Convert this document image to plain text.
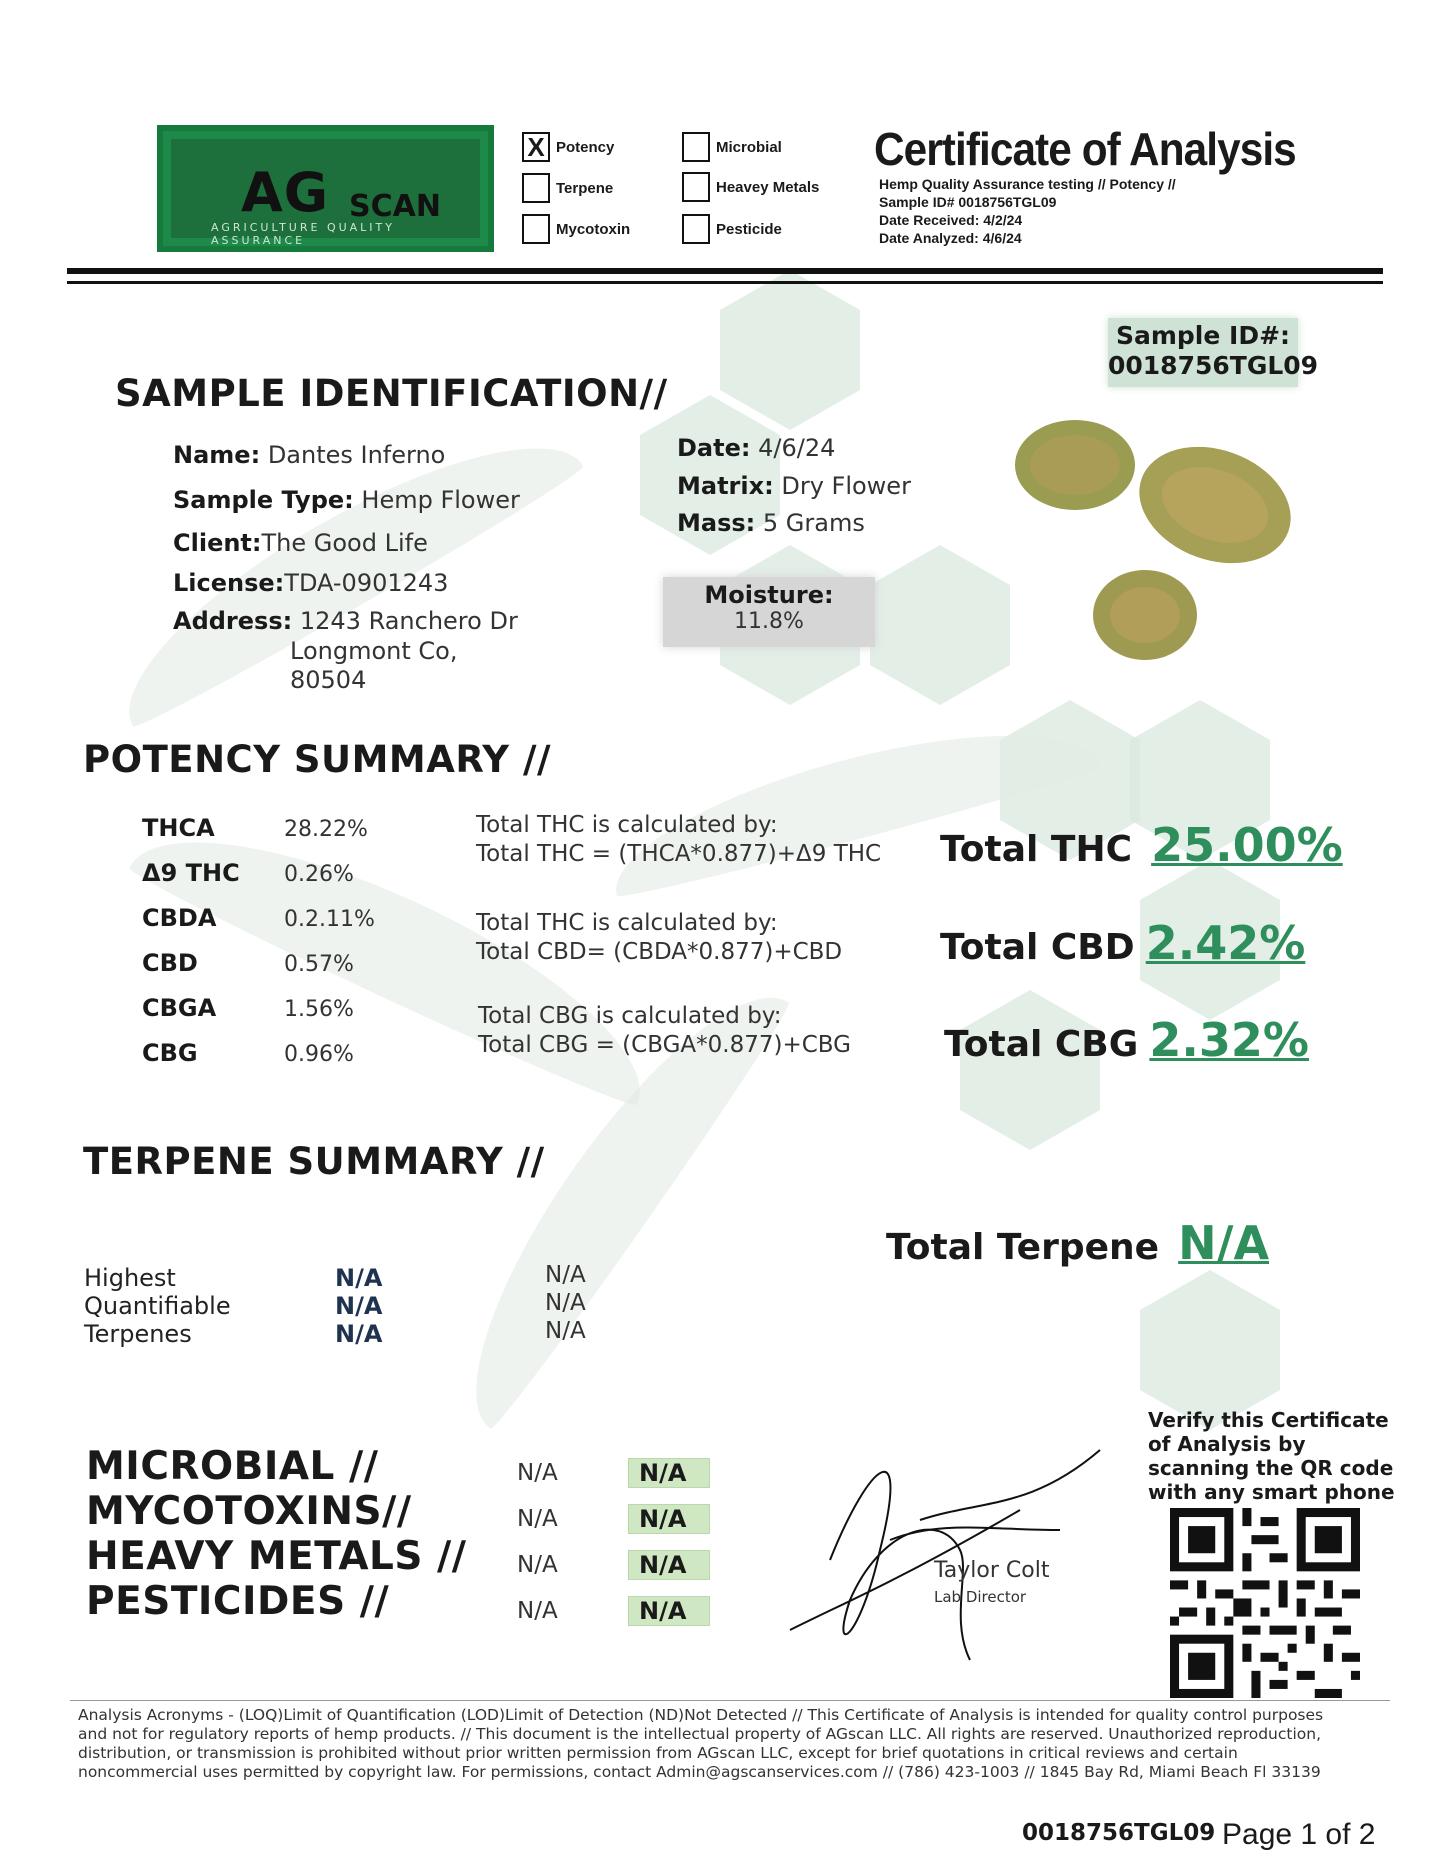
AG SCAN
AGRICULTURE QUALITY ASSURANCE
X Potency
Terpene
Mycotoxin
Microbial
Heavey Metals
Pesticide
Certificate of Analysis
Hemp Quality Assurance testing // Potency //
Sample ID# 0018756TGL09
Date Received: 4/2/24
Date Analyzed: 4/6/24
Sample ID#:
0018756TGL09
SAMPLE IDENTIFICATION//
Name: Dantes Inferno
Sample Type: Hemp Flower
Client:The Good Life
License:TDA-0901243
Address: 1243 Ranchero Dr
Longmont Co,
80504
Date: 4/6/24
Matrix: Dry Flower
Mass: 5 Grams
Moisture:
11.8%
POTENCY SUMMARY //
THCA	28.22%
Δ9 THC 0.26%
CBDA	0.2.11%
CBD	0.57%
CBGA	1.56%
CBG	0.96%
Total THC is calculated by:
Total THC = (THCA*0.877)+Δ9 THC
Total THC is calculated by:
Total CBD= (CBDA*0.877)+CBD
Total CBG is calculated by:
Total CBG = (CBGA*0.877)+CBG
Total THC 25.00%
Total CBD 2.42%
Total CBG 2.32%
TERPENE SUMMARY //
Total Terpene N/A
Highest
Quantifiable
Terpenes
N/A
N/A
N/A
N/A
N/A
N/A
MICROBIAL //
MYCOTOXINS//
HEAVY METALS //
PESTICIDES //
N/A
N/A
N/A
N/A
N/A
N/A
N/A
N/A
Taylor Colt
Lab Director
Verify this Certificate
of Analysis by
scanning the QR code
with any smart phone
Analysis Acronyms - (LOQ)Limit of Quantification (LOD)Limit of Detection (ND)Not Detected // This Certificate of Analysis is intended for quality control purposes
and not for regulatory reports of hemp products. // This document is the intellectual property of AGscan LLC. All rights are reserved. Unauthorized reproduction,
distribution, or transmission is prohibited without prior written permission from AGscan LLC, except for brief quotations in critical reviews and certain
noncommercial uses permitted by copyright law. For permissions, contact Admin@agscanservices.com // (786) 423-1003 // 1845 Bay Rd, Miami Beach Fl 33139
0018756TGL09 Page 1 of 2
